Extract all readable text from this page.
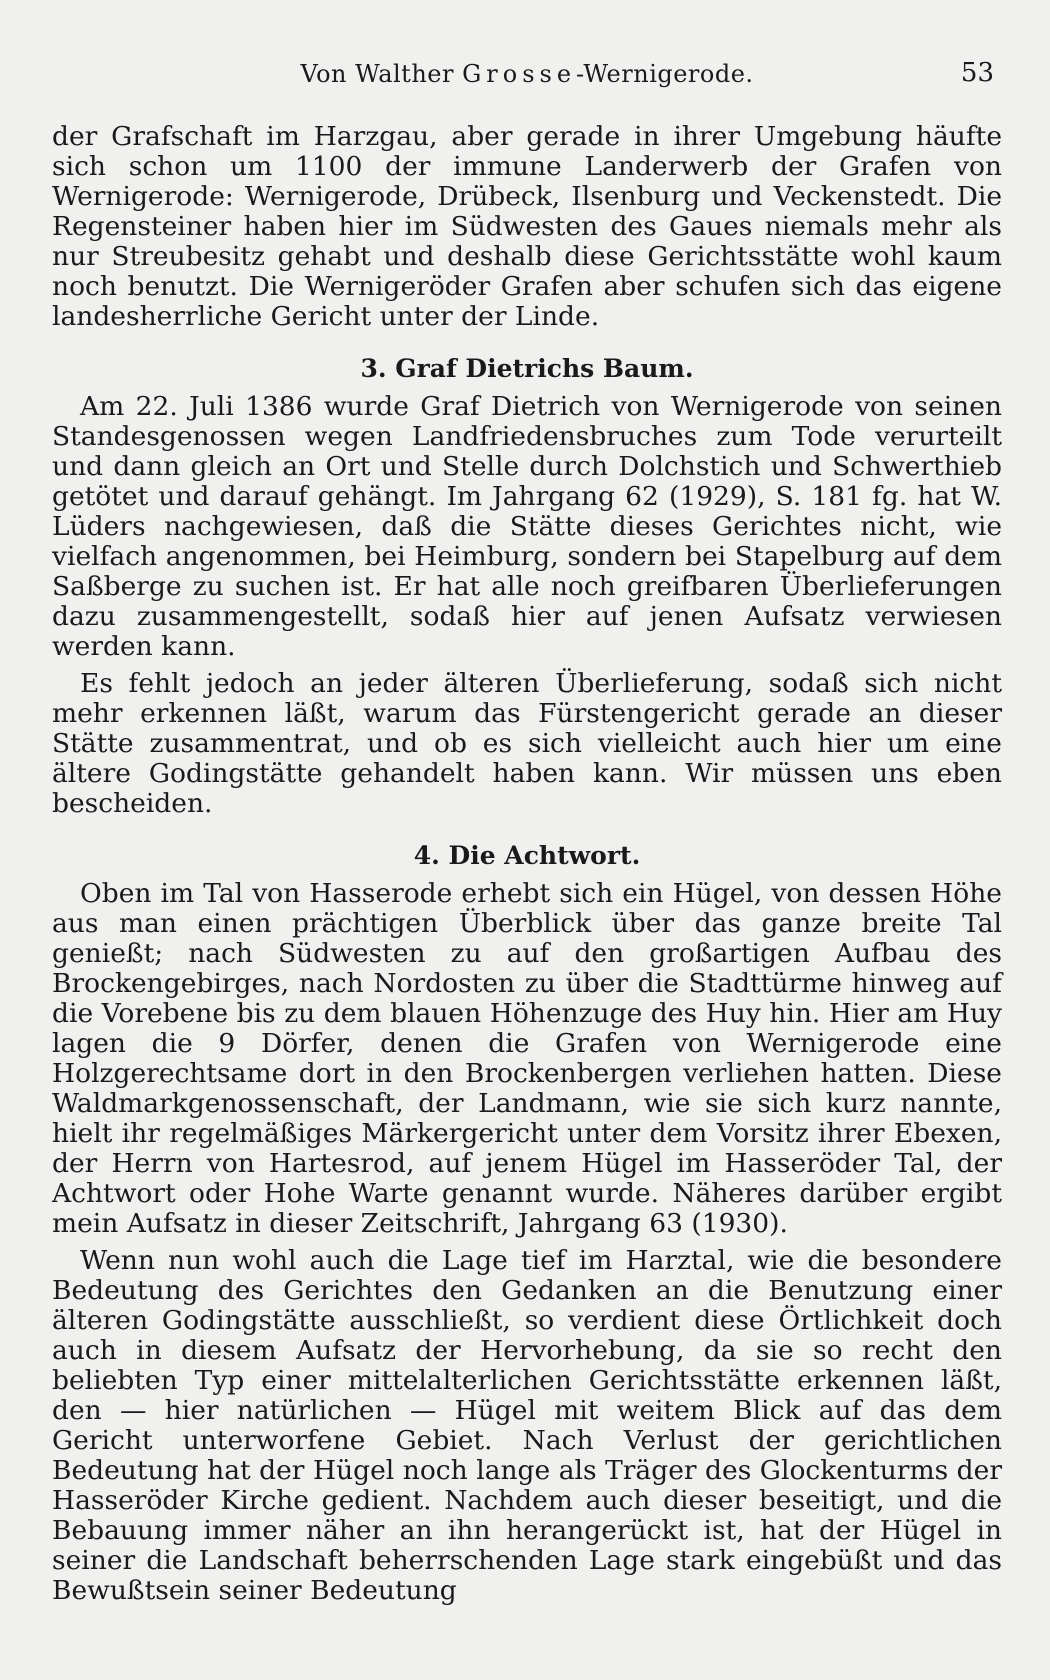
Von Walther Grosse-Wernigerode.	53

der Grafschaft im Harzgau, aber gerade in ihrer Umgebung häufte sich schon um 1100 der immune Landerwerb der Grafen von Wernigerode: Wernigerode, Drübeck, Ilsenburg und Veckenstedt. Die Regensteiner haben hier im Südwesten des Gaues niemals mehr als nur Streubesitz gehabt und deshalb diese Gerichtsstätte wohl kaum noch benutzt. Die Wernigeröder Grafen aber schufen sich das eigene landesherrliche Gericht unter der Linde.

3. Graf Dietrichs Baum.

Am 22. Juli 1386 wurde Graf Dietrich von Wernigerode von seinen Standesgenossen wegen Landfriedensbruches zum Tode verurteilt und dann gleich an Ort und Stelle durch Dolchstich und Schwerthieb getötet und darauf gehängt. Im Jahrgang 62 (1929), S. 181 fg. hat W. Lüders nachgewiesen, daß die Stätte dieses Gerichtes nicht, wie vielfach angenommen, bei Heimburg, sondern bei Stapelburg auf dem Saßberge zu suchen ist. Er hat alle noch greifbaren Überlieferungen dazu zusammengestellt, sodaß hier auf jenen Aufsatz verwiesen werden kann.

Es fehlt jedoch an jeder älteren Überlieferung, sodaß sich nicht mehr erkennen läßt, warum das Fürstengericht gerade an dieser Stätte zusammentrat, und ob es sich vielleicht auch hier um eine ältere Godingstätte gehandelt haben kann. Wir müssen uns eben bescheiden.

4. Die Achtwort.

Oben im Tal von Hasserode erhebt sich ein Hügel, von dessen Höhe aus man einen prächtigen Überblick über das ganze breite Tal genießt; nach Südwesten zu auf den großartigen Aufbau des Brockengebirges, nach Nordosten zu über die Stadttürme hinweg auf die Vorebene bis zu dem blauen Höhenzuge des Huy hin. Hier am Huy lagen die 9 Dörfer, denen die Grafen von Wernigerode eine Holzgerechtsame dort in den Brockenbergen verliehen hatten. Diese Waldmarkgenossenschaft, der Landmann, wie sie sich kurz nannte, hielt ihr regelmäßiges Märkergericht unter dem Vorsitz ihrer Ebexen, der Herrn von Hartesrod, auf jenem Hügel im Hasseröder Tal, der Achtwort oder Hohe Warte genannt wurde. Näheres darüber ergibt mein Aufsatz in dieser Zeitschrift, Jahrgang 63 (1930).

Wenn nun wohl auch die Lage tief im Harztal, wie die besondere Bedeutung des Gerichtes den Gedanken an die Benutzung einer älteren Godingstätte ausschließt, so verdient diese Örtlichkeit doch auch in diesem Aufsatz der Hervorhebung, da sie so recht den beliebten Typ einer mittelalterlichen Gerichtsstätte erkennen läßt, den — hier natürlichen — Hügel mit weitem Blick auf das dem Gericht unterworfene Gebiet. Nach Verlust der gerichtlichen Bedeutung hat der Hügel noch lange als Träger des Glockenturms der Hasseröder Kirche gedient. Nachdem auch dieser beseitigt, und die Bebauung immer näher an ihn herangerückt ist, hat der Hügel in seiner die Landschaft beherrschenden Lage stark eingebüßt und das Bewußtsein seiner Bedeutung
